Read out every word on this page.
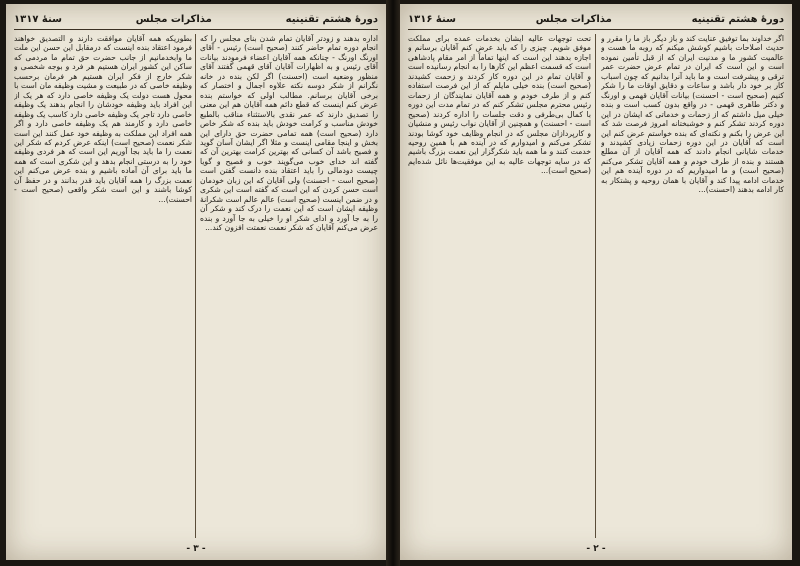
دورهٔ هشتم تقنینیه
مذاکرات مجلس
سنهٔ ۱۳۱۷

اداره بدهند و زودتر آقایان تمام شدن بنای مجلس را که انجام دوره تمام حاضر کنند (صحیح است) رئیس - آقای اورنگ اورنگ - چنانکه همه آقایان اعضاء فرمودند بیانات آقای رئیس و به اظهارات آقایان آقای قهمی گفتند آقای منظور وضعیه است (احسنت) اگر لکن بنده در خانه نگرانم از شکر دوسه نکته علاوه اجمال و اختصار که برخی آقایان برسانم. مطالب اولی که خواستم بنده عرض کنم اینست که قطع دائم همه آقایان هم این معنی را تصدیق دارند که عمر نقدی بالاستثناء مناقب بالطبع خودش مناسب و کرامت خودش باید بنده که شکر خاص دارد (صحیح است) همه تمامی حضرت حق دارای این بخش و اینجا مقامی اینست و مثلا اگر ایشان آسان گوید و فصیح باشد آن کسانی که بهترین کرامت بهترین آن که گفته اند خدای خوب می‌گویند خوب و فصیح و گویا چیست دودمالی را باید اعتقاد بنده دانست گفتن است (صحیح است - احسنت) ولی آقایان که این زبان خودمان است حسن کردن که این است که گفته است این شکری و در ضمن اینست (صحیح است) عالم عالم است شکرانهٔ وظیفه ایشان است که این نعمت را درک کند و شکر آن را به جا آورد و ادای شکر او را خیلی به جا آورد و بنده عرض می‌کنم آقایان که شکر نعمت نعمتت افزون کند...

بطوریکه همه آقایان موافقت دارند و التصدیق خواهند فرمود اعتقاد بنده اینست که درمقابل این حسن این ملت ما وابخدمانیم از جانب حضرت حق تمام ما مردمی که ساکن این کشور ایران هستیم هر فرد و بوجه شخصی و شکر خارج از فکر ایران هستیم هر فرمان برحسب وظیفه خاصی که در طبیعت و مشیت وظیفه مان است با محول هست دولت یک وظیفه خاصی دارد که هر یک از این افراد باید وظیفه خودشان را انجام بدهند یک وظیفه خاصی دارد تاجر یک وظیفه خاصی دارد کاسب یک وظیفه خاصی دارد و کارمند هم یک وظیفه خاصی دارد و اگر همه افراد این مملکت به وظیفه خود عمل کنند این است شکر نعمت (صحیح است) اینکه عرض کردم که شکر این نعمت را ما باید بجا آوریم این است که هر فردی وظیفه خود را به درستی انجام بدهد و این شکری است که همه ما باید برای آن آماده باشیم و بنده عرض می‌کنم این نعمت بزرگ را همه آقایان باید قدر بدانند و در حفظ آن کوشا باشند و این است شکر واقعی (صحیح است - احسنت)...

- ۳ -
دورهٔ هشتم تقنینیه
مذاکرات مجلس
سنهٔ ۱۳۱۶

اگر خداوند بما توفیق عنایت کند و باز دیگر باز ما را مقرر و حدیث اصلاحات باشیم کوشش میکنم که روبه ما هست و عالمیت کشور ما و مدنیت ایران که از قبل تأمین نموده است و این است که ایران در تمام عرض حضرت عمر ترقی و پیشرفت است و ما باید آنرا بدانیم که چون اسباب کار بر خود دار باشد و ساعات و دقایق اوقات ما را شکر کنیم (صحیح است - احسنت) بیانات آقایان قهمی و اورنگ و دکتر طاهری قهمی - در واقع بدون کسب است و بنده خیلی میل داشتم که از زحمات و خدماتی که ایشان در این دوره کردند تشکر کنم و خوشبختانه امروز فرصت شد که این عرض را بکنم و نکته‌ای که بنده خواستم عرض کنم این است که آقایان در این دوره زحمات زیادی کشیدند و خدمات شایانی انجام دادند که همه آقایان از آن مطلع هستند و بنده از طرف خودم و همه آقایان تشکر می‌کنم (صحیح است) و ما امیدواریم که در دوره آینده هم این خدمات ادامه پیدا کند و آقایان با همان روحیه و پشتکار به کار ادامه بدهند (احسنت)...

تحت توجهات عالیه ایشان بخدمات عمده برای مملکت موفق شویم. چیزی را که باید عرض کنم آقایان برسانم و اجازه بدهند این است که اینها تماماً از امر مقام پادشاهی است که قسمت اعظم این کارها را به انجام رسانیده است و آقایان تمام در این دوره کار کردند و زحمت کشیدند (صحیح است) بنده خیلی مایلم که از این فرصت استفاده کنم و از طرف خودم و همه آقایان نمایندگان از زحمات رئیس محترم مجلس تشکر کنم که در تمام مدت این دوره با کمال بی‌طرفی و دقت جلسات را اداره کردند (صحیح است - احسنت) و همچنین از آقایان نواب رئیس و منشیان و کارپردازان مجلس که در انجام وظایف خود کوشا بودند تشکر می‌کنم و امیدوارم که در آینده هم با همین روحیه خدمت کنند و ما همه باید شکرگزار این نعمت بزرگ باشیم که در سایه توجهات عالیه به این موفقیت‌ها نائل شده‌ایم (صحیح است)...

- ۲ -
